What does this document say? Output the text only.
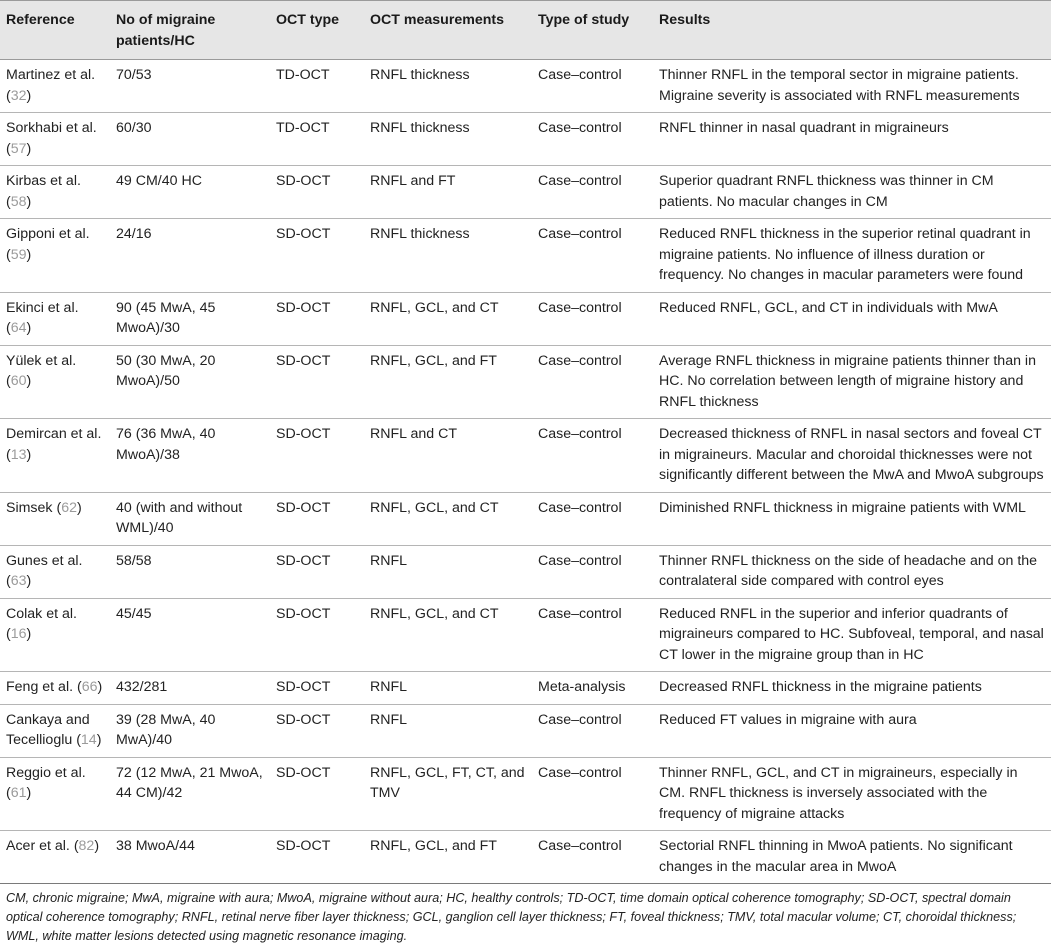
Reference	No of migraine patients/HC	OCT type	OCT measurements	Type of study	Results
Martinez et al. (32)	70/53	TD-OCT	RNFL thickness	Case–control	Thinner RNFL in the temporal sector in migraine patients. Migraine severity is associated with RNFL measurements
Sorkhabi et al. (57)	60/30	TD-OCT	RNFL thickness	Case–control	RNFL thinner in nasal quadrant in migraineurs
Kirbas et al. (58)	49 CM/40 HC	SD-OCT	RNFL and FT	Case–control	Superior quadrant RNFL thickness was thinner in CM patients. No macular changes in CM
Gipponi et al. (59)	24/16	SD-OCT	RNFL thickness	Case–control	Reduced RNFL thickness in the superior retinal quadrant in migraine patients. No influence of illness duration or frequency. No changes in macular parameters were found
Ekinci et al. (64)	90 (45 MwA, 45 MwoA)/30	SD-OCT	RNFL, GCL, and CT	Case–control	Reduced RNFL, GCL, and CT in individuals with MwA
Yülek et al. (60)	50 (30 MwA, 20 MwoA)/50	SD-OCT	RNFL, GCL, and FT	Case–control	Average RNFL thickness in migraine patients thinner than in HC. No correlation between length of migraine history and RNFL thickness
Demircan et al. (13)	76 (36 MwA, 40 MwoA)/38	SD-OCT	RNFL and CT	Case–control	Decreased thickness of RNFL in nasal sectors and foveal CT in migraineurs. Macular and choroidal thicknesses were not significantly different between the MwA and MwoA subgroups
Simsek (62)	40 (with and without WML)/40	SD-OCT	RNFL, GCL, and CT	Case–control	Diminished RNFL thickness in migraine patients with WML
Gunes et al. (63)	58/58	SD-OCT	RNFL	Case–control	Thinner RNFL thickness on the side of headache and on the contralateral side compared with control eyes
Colak et al. (16)	45/45	SD-OCT	RNFL, GCL, and CT	Case–control	Reduced RNFL in the superior and inferior quadrants of migraineurs compared to HC. Subfoveal, temporal, and nasal CT lower in the migraine group than in HC
Feng et al. (66)	432/281	SD-OCT	RNFL	Meta-analysis	Decreased RNFL thickness in the migraine patients
Cankaya and Tecellioglu (14)	39 (28 MwA, 40 MwA)/40	SD-OCT	RNFL	Case–control	Reduced FT values in migraine with aura
Reggio et al. (61)	72 (12 MwA, 21 MwoA, 44 CM)/42	SD-OCT	RNFL, GCL, FT, CT, and TMV	Case–control	Thinner RNFL, GCL, and CT in migraineurs, especially in CM. RNFL thickness is inversely associated with the frequency of migraine attacks
Acer et al. (82)	38 MwoA/44	SD-OCT	RNFL, GCL, and FT	Case–control	Sectorial RNFL thinning in MwoA patients. No significant changes in the macular area in MwoA
CM, chronic migraine; MwA, migraine with aura; MwoA, migraine without aura; HC, healthy controls; TD-OCT, time domain optical coherence tomography; SD-OCT, spectral domain optical coherence tomography; RNFL, retinal nerve fiber layer thickness; GCL, ganglion cell layer thickness; FT, foveal thickness; TMV, total macular volume; CT, choroidal thickness; WML, white matter lesions detected using magnetic resonance imaging.
